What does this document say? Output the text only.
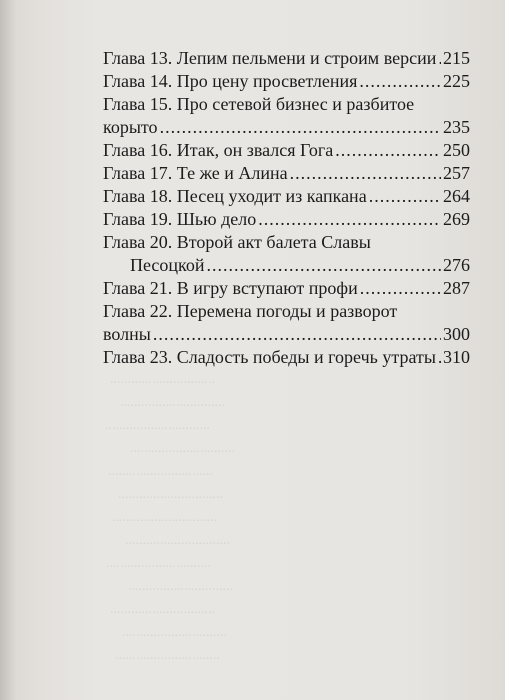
..............................
..............................
..............................
..............................
..............................
..............................
..............................
..............................
..............................
..............................
..............................
..............................
..............................
Глава 13. Лепим пельмени и строим версии ..... 215
Глава 14. Про цену просветления .....	225
Глава 15. Про сетевой бизнес и разбитое
корыто .....	235
Глава 16. Итак, он звался Гога .....	250
Глава 17. Те же и Алина .....	257
Глава 18. Песец уходит из капкана .....	264
Глава 19. Шью дело .....	269
Глава 20. Второй акт балета Славы
Песоцкой .....	276
Глава 21. В игру вступают профи .....	287
Глава 22. Перемена погоды и разворот
волны .....	300
Глава 23. Сладость победы и горечь утраты ..... 310
